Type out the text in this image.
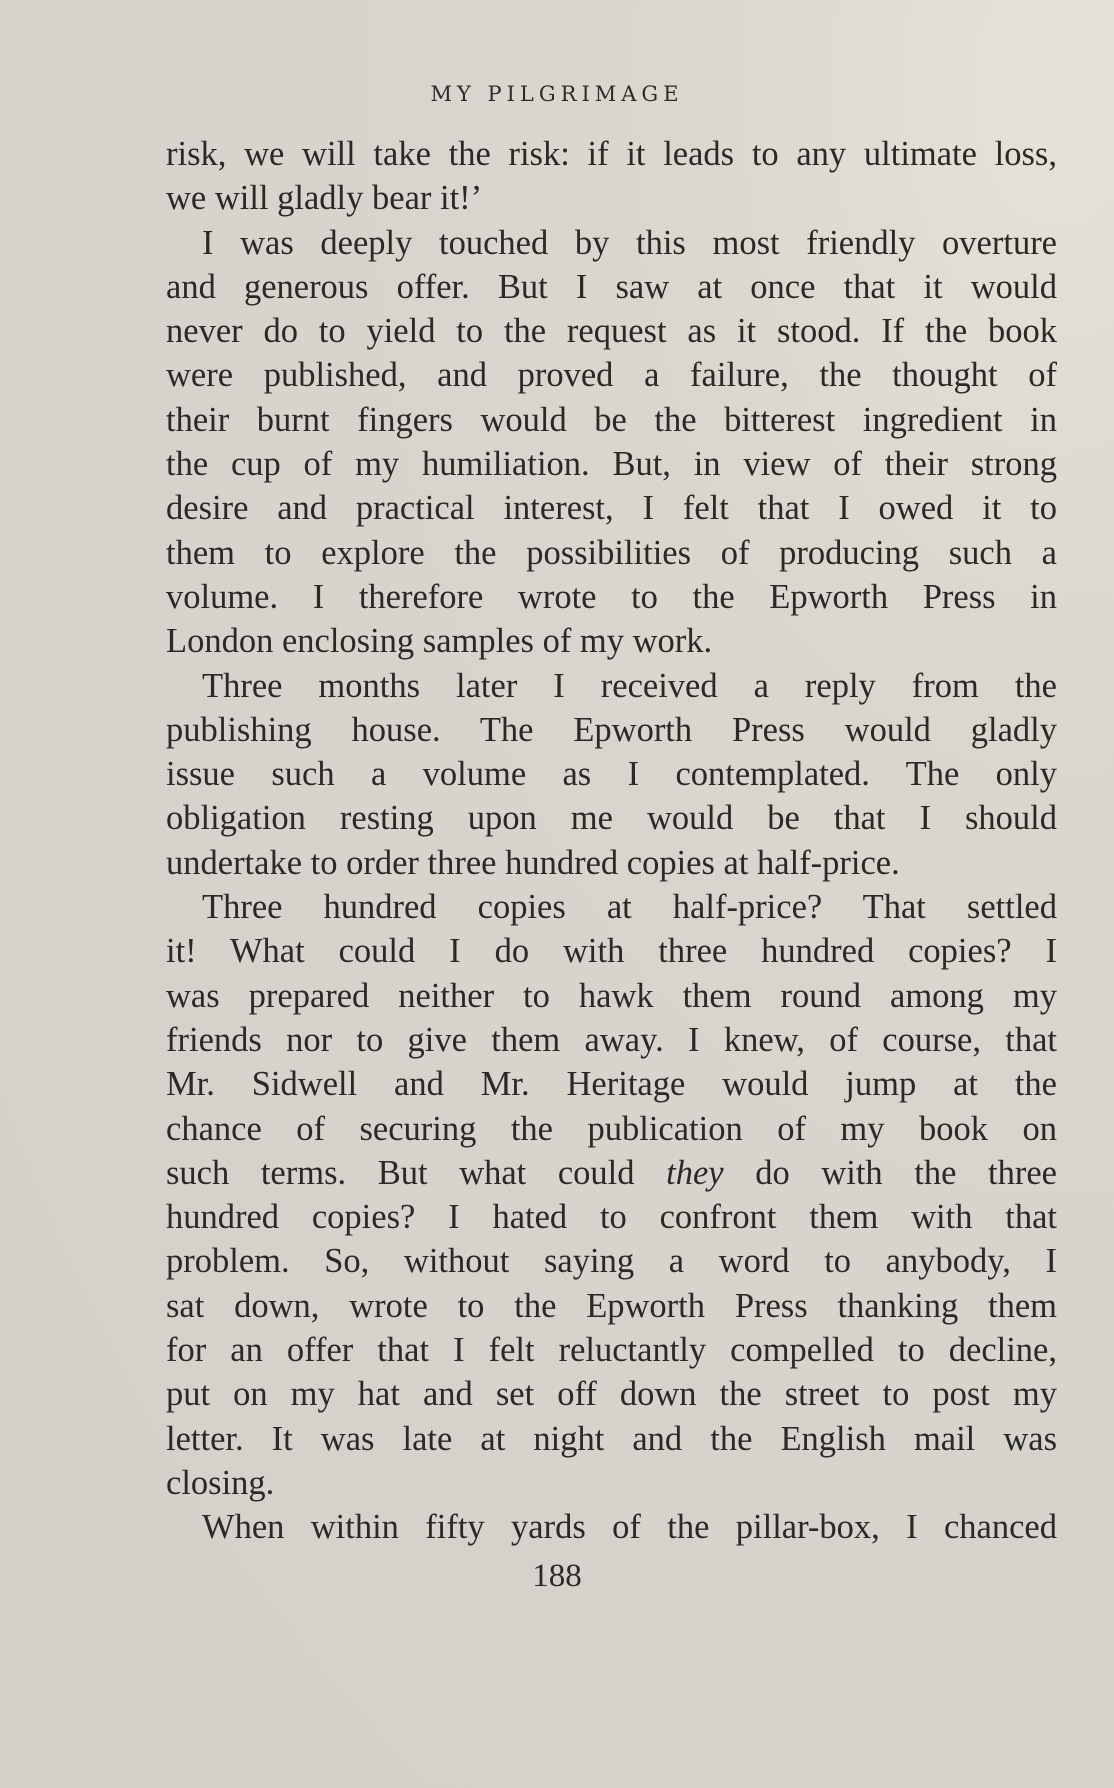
MY PILGRIMAGE
risk, we will take the risk: if it leads to any ultimate loss,
we will gladly bear it!’
I was deeply touched by this most friendly overture
and generous offer. But I saw at once that it would
never do to yield to the request as it stood. If the book
were published, and proved a failure, the thought of
their burnt fingers would be the bitterest ingredient in
the cup of my humiliation. But, in view of their strong
desire and practical interest, I felt that I owed it to
them to explore the possibilities of producing such a
volume. I therefore wrote to the Epworth Press in
London enclosing samples of my work.
Three months later I received a reply from the
publishing house. The Epworth Press would gladly
issue such a volume as I contemplated. The only
obligation resting upon me would be that I should
undertake to order three hundred copies at half-price.
Three hundred copies at half-price? That settled
it! What could I do with three hundred copies? I
was prepared neither to hawk them round among my
friends nor to give them away. I knew, of course, that
Mr. Sidwell and Mr. Heritage would jump at the
chance of securing the publication of my book on
such terms. But what could they do with the three
hundred copies? I hated to confront them with that
problem. So, without saying a word to anybody, I
sat down, wrote to the Epworth Press thanking them
for an offer that I felt reluctantly compelled to decline,
put on my hat and set off down the street to post my
letter. It was late at night and the English mail was
closing.
When within fifty yards of the pillar-box, I chanced
188
